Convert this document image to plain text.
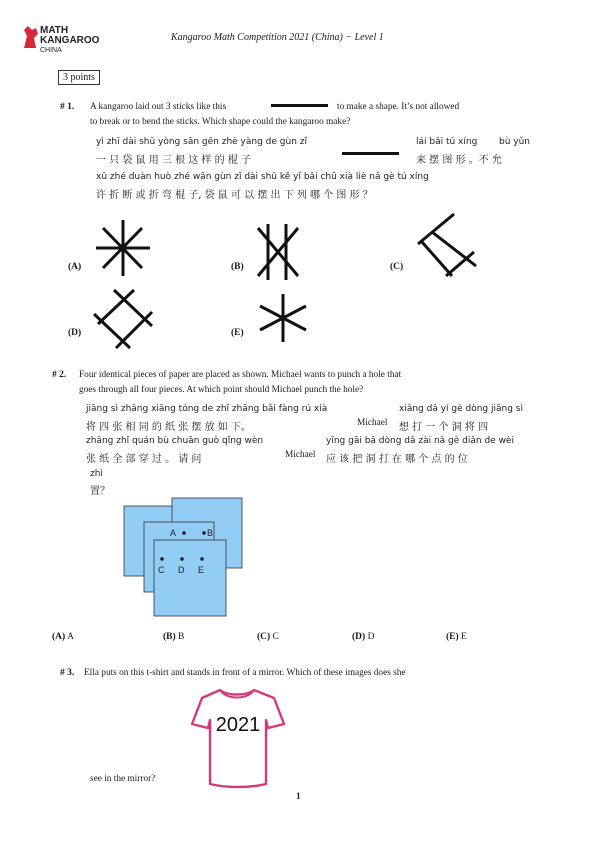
MATH
KANGAROO
CHINA
Kangaroo Math Competition 2021 (China) − Level 1
3 points
# 1. A kangaroo laid out 3 sticks like this	to make a shape. It’s not allowed
to break or to bend the sticks. Which shape could the kangaroo make?
yì zhī dài shǔ yòng sān gēn zhè yàng de gùn zǐ	lái bǎi tú xíng bù yǔn
一 只 袋 鼠 用 三 根 这 样 的 棍 子	来 摆 图 形 。不 允
xǔ zhé duàn huò zhé wān gùn zǐ dài shǔ kě yǐ bǎi chū xià liè nǎ gè tú xíng
许 折 断 或 折 弯 棍 子, 袋 鼠 可 以 摆 出 下 列 哪 个 图 形 ？
(A)	(B)	(C)
(D)	(E)
# 2. Four identical pieces of paper are placed as shown. Michael wants to punch a hole that
goes through all four pieces. At which point should Michael punch the hole?
jiāng sì zhāng xiāng tóng de zhǐ zhāng bǎi fàng rú xià	xiǎng dǎ yí gè dòng jiāng sì
将 四 张 相 同 的 纸 张 摆 放 如 下。	Michael 想 打 一 个 洞 将 四
zhāng zhǐ quán bù chuān guò qǐng wèn	yīng gāi bǎ dòng dǎ zài nǎ gè diǎn de wèi
张 纸 全 部 穿 过 。 请 问	Michael 应 该 把 洞 打 在 哪 个 点 的 位
zhì
置？
A	B
C D E
(A) A	(B) B	(C) C	(D) D	(E) E
# 3. Ella puts on this t-shirt and stands in front of a mirror. Which of these images does she
2021
see in the mirror?
1
